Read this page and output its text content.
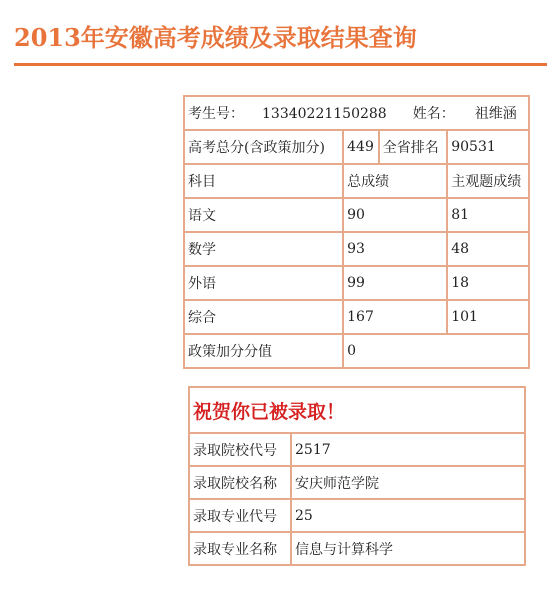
2013年安徽高考成绩及录取结果查询
考生号： 13340221150288 姓名： 祖维涵			
高考总分(含政策加分)	449	全省排名	90531
科目	总成绩		主观题成绩
语文	90		81
数学	93		48
外语	99		18
综合	167		101
政策加分分值	0		
祝贺你已被录取！	
录取院校代号	2517
录取院校名称	安庆师范学院
录取专业代号	25
录取专业名称	信息与计算科学
